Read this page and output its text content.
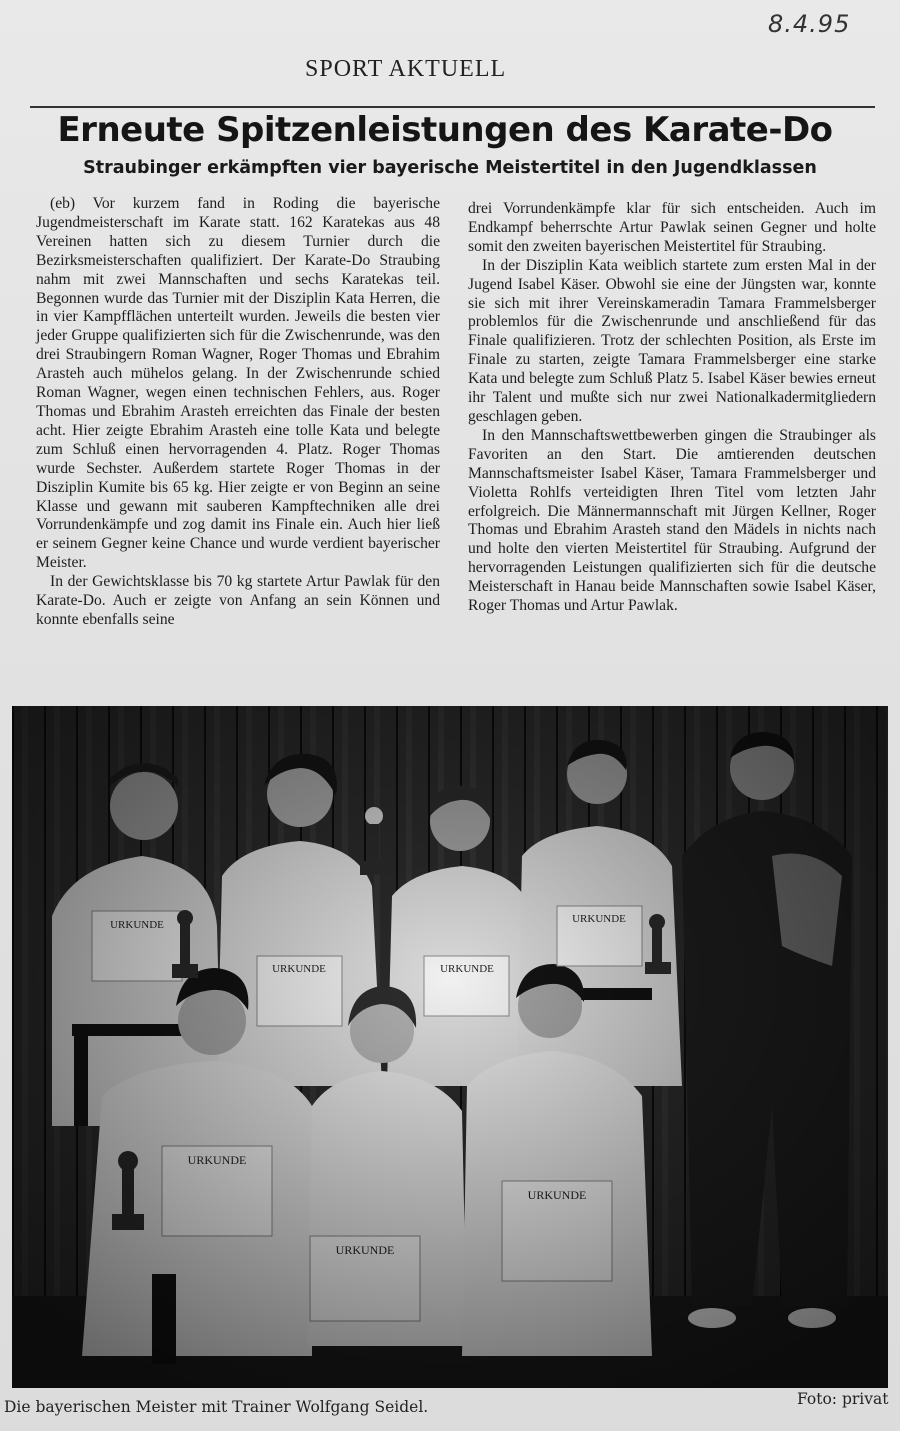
8.4.95
SPORT AKTUELL
Erneute Spitzenleistungen des Karate-Do
Straubinger erkämpften vier bayerische Meistertitel in den Jugendklassen

(eb) Vor kurzem fand in Roding die bayerische Jugendmeisterschaft im Karate statt. 162 Karatekas aus 48 Vereinen hatten sich zu diesem Turnier durch die Bezirksmeisterschaften qualifiziert. Der Karate-Do Straubing nahm mit zwei Mannschaften und sechs Karatekas teil. Begonnen wurde das Turnier mit der Disziplin Kata Herren, die in vier Kampfflächen unterteilt wurden. Jeweils die besten vier jeder Gruppe qualifizierten sich für die Zwischenrunde, was den drei Straubingern Roman Wagner, Roger Thomas und Ebrahim Arasteh auch mühelos gelang. In der Zwischenrunde schied Roman Wagner, wegen einen technischen Fehlers, aus. Roger Thomas und Ebrahim Arasteh erreichten das Finale der besten acht. Hier zeigte Ebrahim Arasteh eine tolle Kata und belegte zum Schluß einen hervorragenden 4. Platz. Roger Thomas wurde Sechster. Außerdem startete Roger Thomas in der Disziplin Kumite bis 65 kg. Hier zeigte er von Beginn an seine Klasse und gewann mit sauberen Kampftechniken alle drei Vorrundenkämpfe und zog damit ins Finale ein. Auch hier ließ er seinem Gegner keine Chance und wurde verdient bayerischer Meister.

In der Gewichtsklasse bis 70 kg startete Artur Pawlak für den Karate-Do. Auch er zeigte von Anfang an sein Können und konnte ebenfalls seine

drei Vorrundenkämpfe klar für sich entscheiden. Auch im Endkampf beherrschte Artur Pawlak seinen Gegner und holte somit den zweiten bayerischen Meistertitel für Straubing.

In der Disziplin Kata weiblich startete zum ersten Mal in der Jugend Isabel Käser. Obwohl sie eine der Jüngsten war, konnte sie sich mit ihrer Vereinskameradin Tamara Frammelsberger problemlos für die Zwischenrunde und anschließend für das Finale qualifizieren. Trotz der schlechten Position, als Erste im Finale zu starten, zeigte Tamara Frammelsberger eine starke Kata und belegte zum Schluß Platz 5. Isabel Käser bewies erneut ihr Talent und mußte sich nur zwei Nationalkadermitgliedern geschlagen geben.

In den Mannschaftswettbewerben gingen die Straubinger als Favoriten an den Start. Die amtierenden deutschen Mannschaftsmeister Isabel Käser, Tamara Frammelsberger und Violetta Rohlfs verteidigten Ihren Titel vom letzten Jahr erfolgreich. Die Männermannschaft mit Jürgen Kellner, Roger Thomas und Ebrahim Arasteh stand den Mädels in nichts nach und holte den vierten Meistertitel für Straubing. Aufgrund der hervorragenden Leistungen qualifizierten sich für die deutsche Meisterschaft in Hanau beide Mannschaften sowie Isabel Käser, Roger Thomas und Artur Pawlak.

Die bayerischen Meister mit Trainer Wolfgang Seidel.	Foto: privat
